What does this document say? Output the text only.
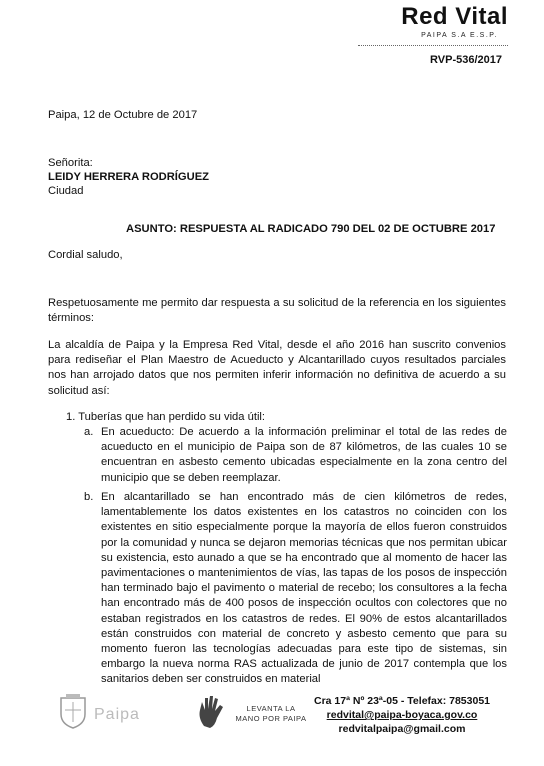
Red Vital
PAIPA S.A E.S.P.
RVP-536/2017
Paipa, 12 de Octubre de 2017
Señorita:
LEIDY HERRERA RODRÍGUEZ
Ciudad
ASUNTO: RESPUESTA AL RADICADO 790 DEL 02 DE OCTUBRE 2017
Cordial saludo,
Respetuosamente me permito dar respuesta a su solicitud de la referencia en los siguientes términos:
La alcaldía de Paipa y la Empresa Red Vital, desde el año 2016 han suscrito convenios para rediseñar el Plan Maestro de Acueducto y Alcantarillado cuyos resultados parciales nos han arrojado datos que nos permiten inferir información no definitiva de acuerdo a su solicitud así:
1. Tuberías que han perdido su vida útil:
a. En acueducto: De acuerdo a la información preliminar el total de las redes de acueducto en el municipio de Paipa son de 87 kilómetros, de las cuales 10 se encuentran en asbesto cemento ubicadas especialmente en la zona centro del municipio que se deben reemplazar.
b. En alcantarillado se han encontrado más de cien kilómetros de redes, lamentablemente los datos existentes en los catastros no coinciden con los existentes en sitio especialmente porque la mayoría de ellos fueron construidos por la comunidad y nunca se dejaron memorias técnicas que nos permitan ubicar su existencia, esto aunado a que se ha encontrado que al momento de hacer las pavimentaciones o mantenimientos de vías, las tapas de los posos de inspección han terminado bajo el pavimento o material de recebo; los consultores a la fecha han encontrado más de 400 posos de inspección ocultos con colectores que no estaban registrados en los catastros de redes. El 90% de estos alcantarillados están construidos con material de concreto y asbesto cemento que para su momento fueron las tecnologías adecuadas para este tipo de sistemas, sin embargo la nueva norma RAS actualizada de junio de 2017 contempla que los sanitarios deben ser construidos en material
Paipa	LEVANTA LA MANO POR PAIPA
Cra 17ª Nº 23ª-05 - Telefax: 7853051
redvital@paipa-boyaca.gov.co
redvitalpaipa@gmail.com
